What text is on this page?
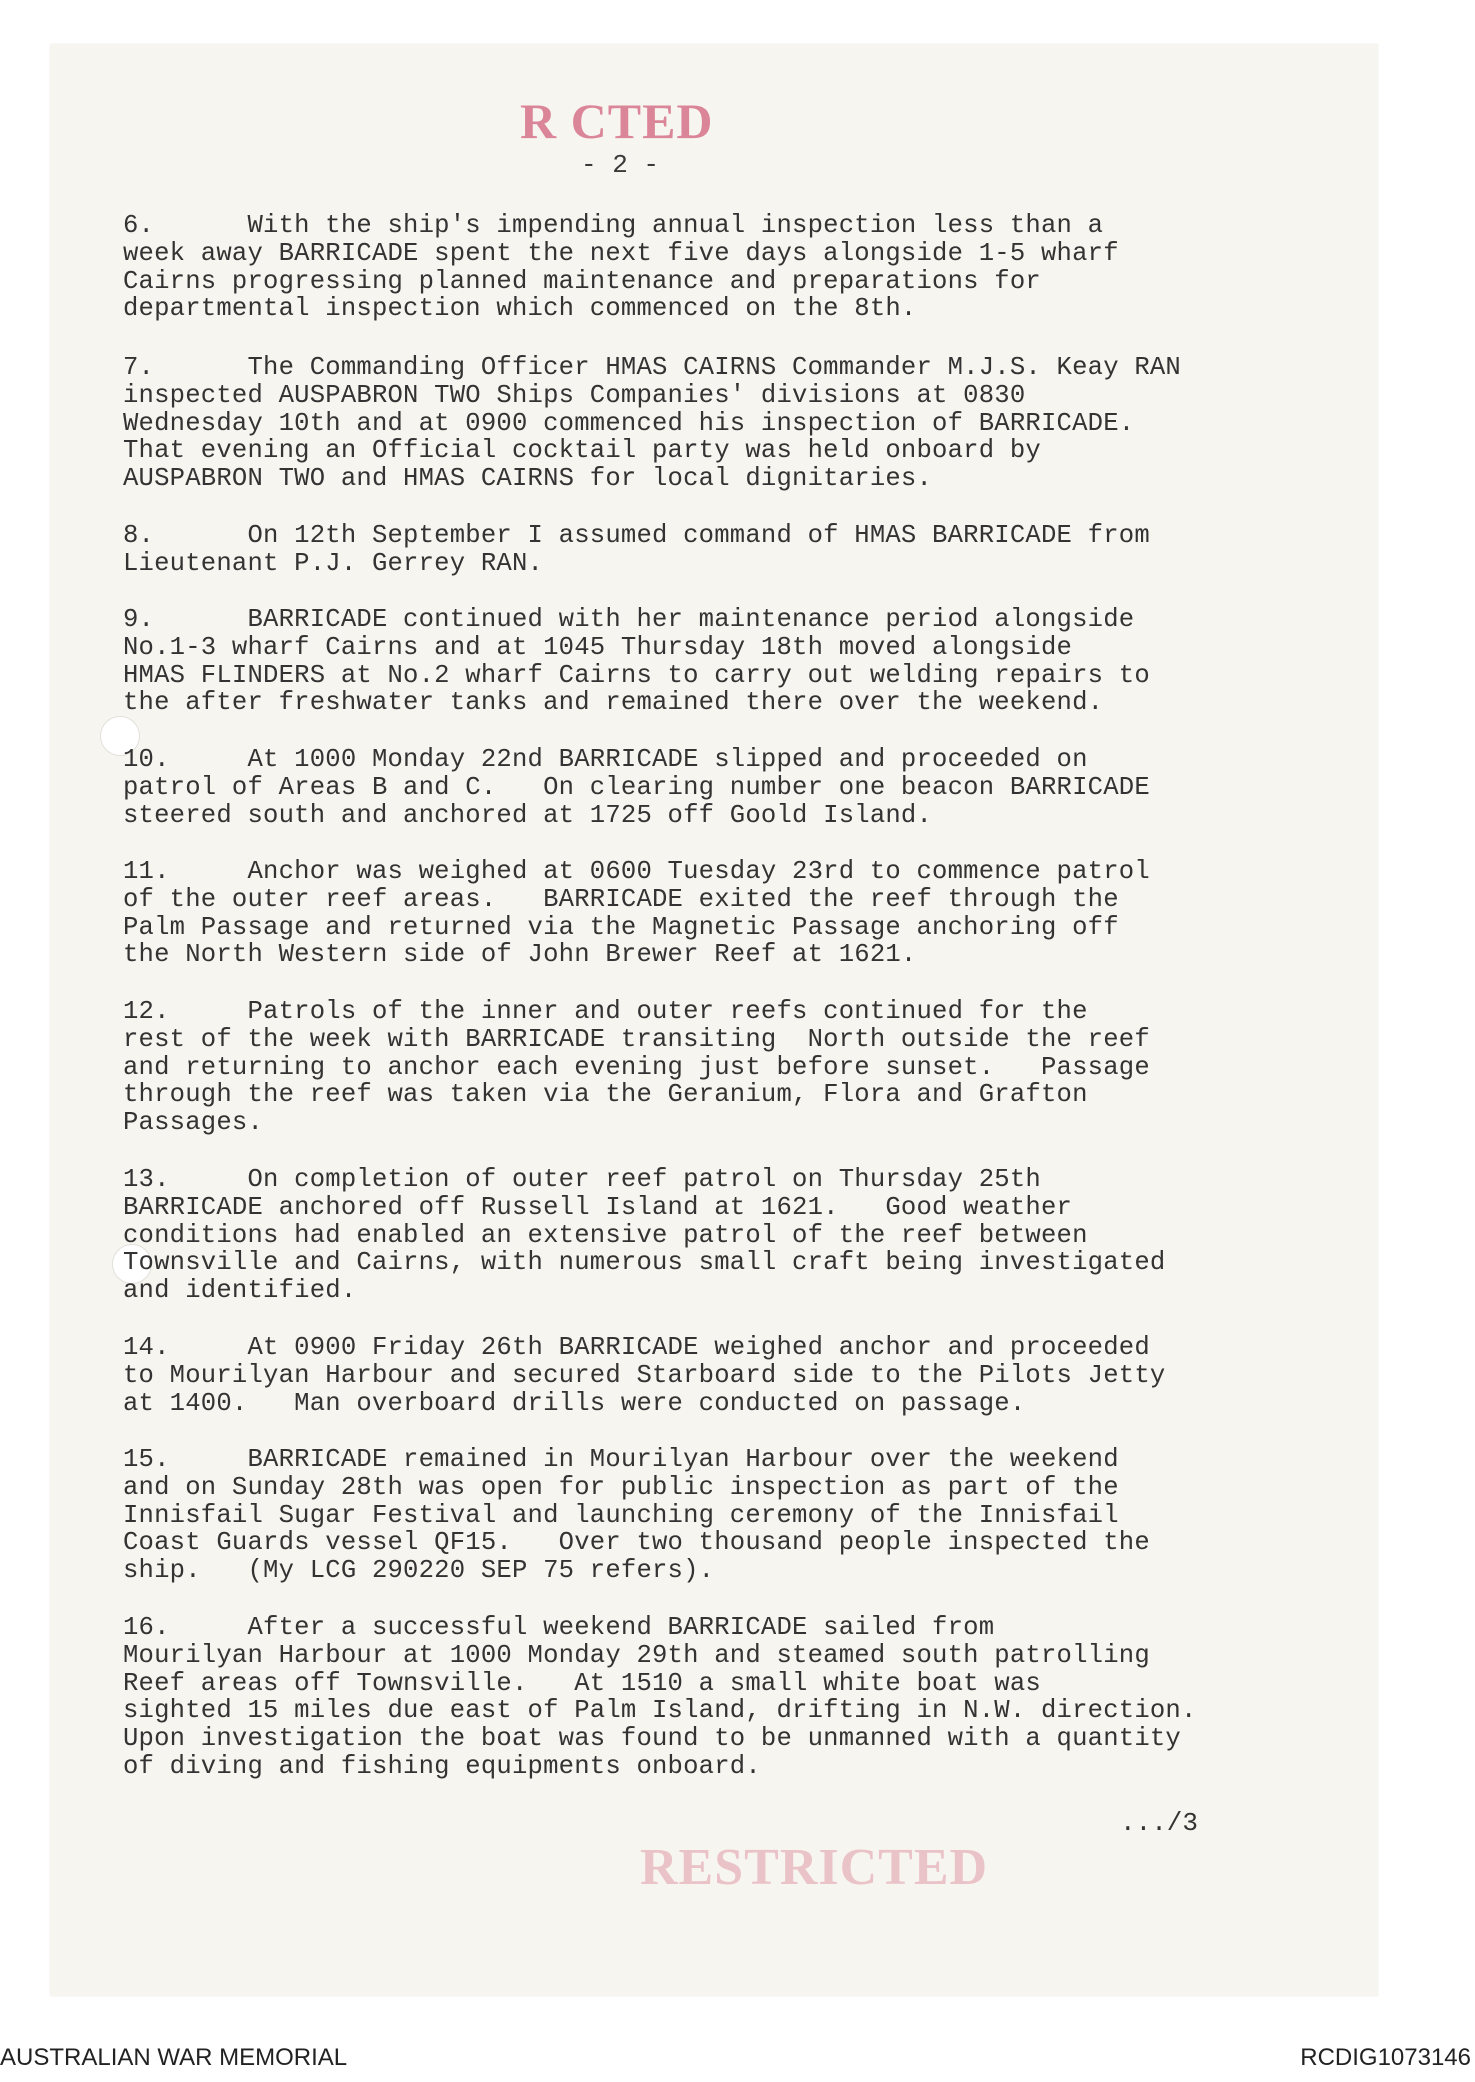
R CTED
- 2 -
6.      With the ship's impending annual inspection less than a
week away BARRICADE spent the next five days alongside 1-5 wharf
Cairns progressing planned maintenance and preparations for
departmental inspection which commenced on the 8th.
7.      The Commanding Officer HMAS CAIRNS Commander M.J.S. Keay RAN
inspected AUSPABRON TWO Ships Companies' divisions at 0830
Wednesday 10th and at 0900 commenced his inspection of BARRICADE.
That evening an Official cocktail party was held onboard by
AUSPABRON TWO and HMAS CAIRNS for local dignitaries.
8.      On 12th September I assumed command of HMAS BARRICADE from
Lieutenant P.J. Gerrey RAN.
9.      BARRICADE continued with her maintenance period alongside
No.1-3 wharf Cairns and at 1045 Thursday 18th moved alongside
HMAS FLINDERS at No.2 wharf Cairns to carry out welding repairs to
the after freshwater tanks and remained there over the weekend.
10.     At 1000 Monday 22nd BARRICADE slipped and proceeded on
patrol of Areas B and C.   On clearing number one beacon BARRICADE
steered south and anchored at 1725 off Goold Island.
11.     Anchor was weighed at 0600 Tuesday 23rd to commence patrol
of the outer reef areas.   BARRICADE exited the reef through the
Palm Passage and returned via the Magnetic Passage anchoring off
the North Western side of John Brewer Reef at 1621.
12.     Patrols of the inner and outer reefs continued for the
rest of the week with BARRICADE transiting  North outside the reef
and returning to anchor each evening just before sunset.   Passage
through the reef was taken via the Geranium, Flora and Grafton
Passages.
13.     On completion of outer reef patrol on Thursday 25th
BARRICADE anchored off Russell Island at 1621.   Good weather
conditions had enabled an extensive patrol of the reef between
Townsville and Cairns, with numerous small craft being investigated
and identified.
14.     At 0900 Friday 26th BARRICADE weighed anchor and proceeded
to Mourilyan Harbour and secured Starboard side to the Pilots Jetty
at 1400.   Man overboard drills were conducted on passage.
15.     BARRICADE remained in Mourilyan Harbour over the weekend
and on Sunday 28th was open for public inspection as part of the
Innisfail Sugar Festival and launching ceremony of the Innisfail
Coast Guards vessel QF15.   Over two thousand people inspected the
ship.   (My LCG 290220 SEP 75 refers).
16.     After a successful weekend BARRICADE sailed from
Mourilyan Harbour at 1000 Monday 29th and steamed south patrolling
Reef areas off Townsville.   At 1510 a small white boat was
sighted 15 miles due east of Palm Island, drifting in N.W. direction.
Upon investigation the boat was found to be unmanned with a quantity
of diving and fishing equipments onboard.
.../3
RESTRICTED
AUSTRALIAN WAR MEMORIAL	RCDIG1073146
